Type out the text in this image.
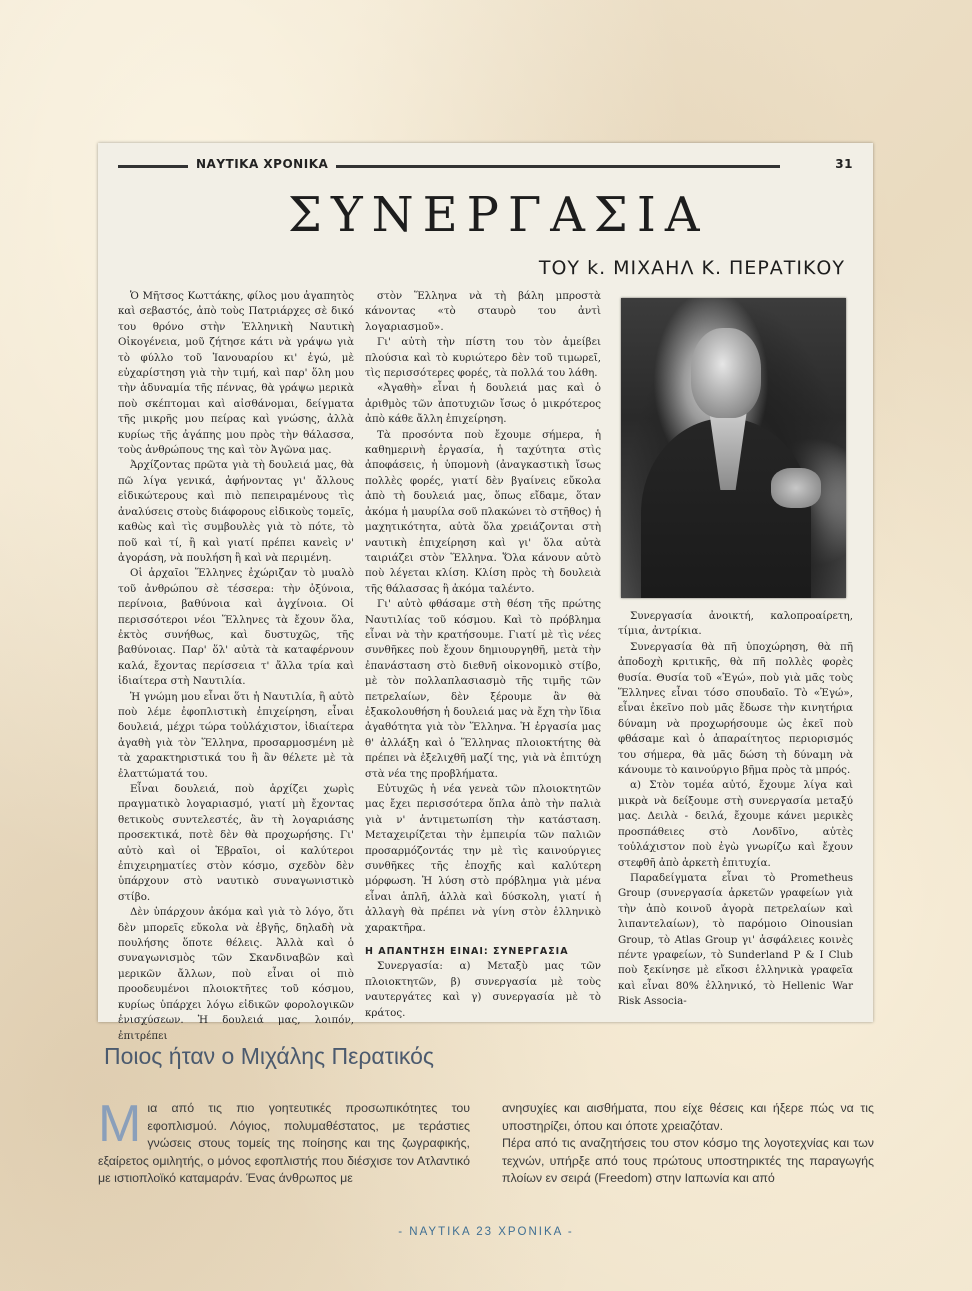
ΝΑΥΤΙΚΑ ΧΡΟΝΙΚΑ	31
ΣΥΝΕΡΓΑΣΙΑ
ΤΟΥ k. ΜΙΧΑΗΛ Κ. ΠΕΡΑΤΙΚΟΥ

Ὁ Μῆτσος Κωττάκης, φίλος μου ἀγαπητὸς καὶ σεβαστός, ἀπὸ τοὺς Πατριάρχες σὲ δικό του θρόνο στὴν Ἑλληνικὴ Ναυτικὴ Οἰκογένεια, μοῦ ζήτησε κάτι νὰ γράψω γιὰ τὸ φύλλο τοῦ Ἰανουαρίου κι' ἐγώ, μὲ εὐχαρίστηση γιὰ τὴν τιμή, καὶ παρ' ὅλη μου τὴν ἀδυναμία τῆς πέννας, θὰ γράψω μερικὰ ποὺ σκέπτομαι καὶ αἰσθάνομαι, δείγματα τῆς μικρῆς μου πείρας καὶ γνώσης, ἀλλὰ κυρίως τῆς ἀγάπης μου πρὸς τὴν θάλασσα, τοὺς ἀνθρώπους της καὶ τὸν Ἀγῶνα μας.

Ἀρχίζοντας πρῶτα γιὰ τὴ δουλειά μας, θὰ πῶ λίγα γενικά, ἀφήνοντας γι' ἄλλους εἰδικώτερους καὶ πιὸ πεπειραμένους τὶς ἀναλύσεις στοὺς διάφορους εἰδικοὺς τομεῖς, καθὼς καὶ τὶς συμβουλὲς γιὰ τὸ πότε, τὸ ποῦ καὶ τί, ἢ καὶ γιατί πρέπει κανεὶς ν' ἀγοράση, νὰ πουλήση ἢ καὶ νὰ περιμένη.

Οἱ ἀρχαῖοι Ἕλληνες ἐχώριζαν τὸ μυαλὸ τοῦ ἀνθρώπου σὲ τέσσερα: τὴν ὀξύνοια, περίνοια, βαθύνοια καὶ ἀγχίνοια. Οἱ περισσότεροι νέοι Ἕλληνες τὰ ἔχουν ὅλα, ἐκτὸς συνήθως, καὶ δυστυχῶς, τῆς βαθύνοιας. Παρ' ὅλ' αὐτὰ τὰ καταφέρνουν καλά, ἔχοντας περίσσεια τ' ἄλλα τρία καὶ ἰδιαίτερα στὴ Ναυτιλία.

Ἡ γνώμη μου εἶναι ὅτι ἡ Ναυτιλία, ἢ αὐτὸ ποὺ λέμε ἐφοπλιστικὴ ἐπιχείρηση, εἶναι δουλειά, μέχρι τώρα τοὐλάχιστον, ἰδιαίτερα ἀγαθὴ γιὰ τὸν Ἕλληνα, προσαρμοσμένη μὲ τὰ χαρακτηριστικά του ἢ ἂν θέλετε μὲ τὰ ἐλαττώματά του.

Εἶναι δουλειά, ποὺ ἀρχίζει χωρὶς πραγματικὸ λογαριασμό, γιατί μὴ ἔχοντας θετικοὺς συντελεστές, ἂν τὴ λογαριάσης προσεκτικά, ποτὲ δὲν θὰ προχωρήσης. Γι' αὐτὸ καὶ οἱ Ἑβραῖοι, οἱ καλύτεροι ἐπιχειρηματίες στὸν κόσμο, σχεδὸν δὲν ὑπάρχουν στὸ ναυτικὸ συναγωνιστικὸ στίβο.

Δὲν ὑπάρχουν ἀκόμα καὶ γιὰ τὸ λόγο, ὅτι δὲν μπορεῖς εὔκολα νὰ ἐβγῆς, δηλαδὴ νὰ πουλήσης ὅποτε θέλεις. Ἀλλὰ καὶ ὁ συναγωνισμὸς τῶν Σκανδιναβῶν καὶ μερικῶν ἄλλων, ποὺ εἶναι οἱ πιὸ προοδευμένοι πλοιοκτῆτες τοῦ κόσμου, κυρίως ὑπάρχει λόγω εἰδικῶν φορολογικῶν ἐνισχύσεων. Ἡ δουλειά μας, λοιπόν, ἐπιτρέπει

στὸν Ἕλληνα νὰ τὴ βάλη μπροστὰ κάνοντας «τὸ σταυρὸ του ἀντὶ λογαριασμοῦ».

Γι' αὐτὴ τὴν πίστη του τὸν ἀμείβει πλούσια καὶ τὸ κυριώτερο δὲν τοῦ τιμωρεῖ, τὶς περισσότερες φορές, τὰ πολλά του λάθη.

«Ἀγαθὴ» εἶναι ἡ δουλειά μας καὶ ὁ ἀριθμὸς τῶν ἀποτυχιῶν ἴσως ὁ μικρότερος ἀπὸ κάθε ἄλλη ἐπιχείρηση.

Τὰ προσόντα ποὺ ἔχουμε σήμερα, ἡ καθημερινὴ ἐργασία, ἡ ταχύτητα στὶς ἀποφάσεις, ἡ ὑπομονὴ (ἀναγκαστικὴ ἴσως πολλὲς φορές, γιατί δὲν βγαίνεις εὔκολα ἀπὸ τὴ δουλειά μας, ὅπως εἴδαμε, ὅταν ἀκόμα ἡ μαυρίλα σοῦ πλακώνει τὸ στῆθος) ἡ μαχητικότητα, αὐτὰ ὅλα χρειάζονται στὴ ναυτικὴ ἐπιχείρηση καὶ γι' ὅλα αὐτὰ ταιριάζει στὸν Ἕλληνα. Ὅλα κάνουν αὐτὸ ποὺ λέγεται κλίση. Κλίση πρὸς τὴ δουλειὰ τῆς θάλασσας ἢ ἀκόμα ταλέντο.

Γι' αὐτὸ φθάσαμε στὴ θέση τῆς πρώτης Ναυτιλίας τοῦ κόσμου. Καὶ τὸ πρόβλημα εἶναι νὰ τὴν κρατήσουμε. Γιατί μὲ τὶς νέες συνθῆκες ποὺ ἔχουν δημιουργηθῆ, μετὰ τὴν ἐπανάσταση στὸ διεθνῆ οἰκονομικὸ στίβο, μὲ τὸν πολλαπλασιασμὸ τῆς τιμῆς τῶν πετρελαίων, δὲν ξέρουμε ἂν θὰ ἐξακολουθήση ἡ δουλειά μας νὰ ἔχη τὴν ἴδια ἀγαθότητα γιὰ τὸν Ἕλληνα. Ἡ ἐργασία μας θ' ἀλλάξη καὶ ὁ Ἕλληνας πλοιοκτήτης θὰ πρέπει νὰ ἐξελιχθῆ μαζί της, γιὰ νὰ ἐπιτύχη στὰ νέα της προβλήματα.

Εὐτυχῶς ἡ νέα γενεὰ τῶν πλοιοκτητῶν μας ἔχει περισσότερα ὅπλα ἀπὸ τὴν παλιὰ γιὰ ν' ἀντιμετωπίση τὴν κατάσταση. Μεταχειρίζεται τὴν ἐμπειρία τῶν παλιῶν προσαρμόζοντάς την μὲ τὶς καινούργιες συνθῆκες τῆς ἐποχῆς καὶ καλύτερη μόρφωση. Ἡ λύση στὸ πρόβλημα γιὰ μένα εἶναι ἁπλῆ, ἀλλὰ καὶ δύσκολη, γιατί ἡ ἀλλαγὴ θὰ πρέπει νὰ γίνη στὸν ἑλληνικὸ χαρακτῆρα.

Η ΑΠΑΝΤΗΣΗ ΕΙΝΑΙ: ΣΥΝΕΡΓΑΣΙΑ

Συνεργασία: α) Μεταξὺ μας τῶν πλοιοκτητῶν, β) συνεργασία μὲ τοὺς ναυτεργάτες καὶ γ) συνεργασία μὲ τὸ κράτος.

Συνεργασία ἀνοικτή, καλοπροαίρετη, τίμια, ἀντρίκια.

Συνεργασία θὰ πῆ ὑποχώρηση, θὰ πῆ ἀποδοχὴ κριτικῆς, θὰ πῆ πολλὲς φορὲς θυσία. Θυσία τοῦ «Ἐγώ», ποὺ γιὰ μᾶς τοὺς Ἕλληνες εἶναι τόσο σπουδαῖο. Τὸ «Ἐγώ», εἶναι ἐκεῖνο ποὺ μᾶς ἔδωσε τὴν κινητήρια δύναμη νὰ προχωρήσουμε ὡς ἐκεῖ ποὺ φθάσαμε καὶ ὁ ἀπαραίτητος περιορισμός του σήμερα, θὰ μᾶς δώση τὴ δύναμη νὰ κάνουμε τὸ καινούργιο βῆμα πρὸς τὰ μπρός.

α) Στὸν τομέα αὐτό, ἔχουμε λίγα καὶ μικρὰ νὰ δείξουμε στὴ συνεργασία μεταξύ μας. Δειλὰ - δειλά, ἔχουμε κάνει μερικὲς προσπάθειες στὸ Λονδῖνο, αὐτὲς τοὐλάχιστον ποὺ ἐγὼ γνωρίζω καὶ ἔχουν στεφθῆ ἀπὸ ἀρκετὴ ἐπιτυχία.

Παραδείγματα εἶναι τὸ Prometheus Group (συνεργασία ἀρκετῶν γραφείων γιὰ τὴν ἀπὸ κοινοῦ ἀγορὰ πετρελαίων καὶ λιπαντελαίων), τὸ παρόμοιο Oinousian Group, τὸ Atlas Group γι' ἀσφάλειες κοινὲς πέντε γραφείων, τὸ Sunderland P & I Club ποὺ ξεκίνησε μὲ εἴκοσι ἑλληνικὰ γραφεῖα καὶ εἶναι 80% ἑλληνικό, τὸ Hellenic War Risk Associa-

Ποιος ήταν ο Μιχάλης Περατικός
Μια από τις πιο γοητευτικές προσωπικότητες του εφοπλισμού. Λόγιος, πολυμαθέστατος, με τεράστιες γνώσεις στους τομείς της ποίησης και της ζωγραφικής, εξαίρετος ομιλητής, ο μόνος εφοπλιστής που διέσχισε τον Ατλαντικό με ιστιοπλοϊκό καταμαράν. Ένας άνθρωπος με
ανησυχίες και αισθήματα, που είχε θέσεις και ήξερε πώς να τις υποστηρίζει, όπου και όποτε χρειαζόταν.
Πέρα από τις αναζητήσεις του στον κόσμο της λογοτεχνίας και των τεχνών, υπήρξε από τους πρώτους υποστηρικτές της παραγωγής πλοίων εν σειρά (Freedom) στην Ιαπωνία και από
- ΝΑΥΤΙΚΑ 23 ΧΡΟΝΙΚΑ -
